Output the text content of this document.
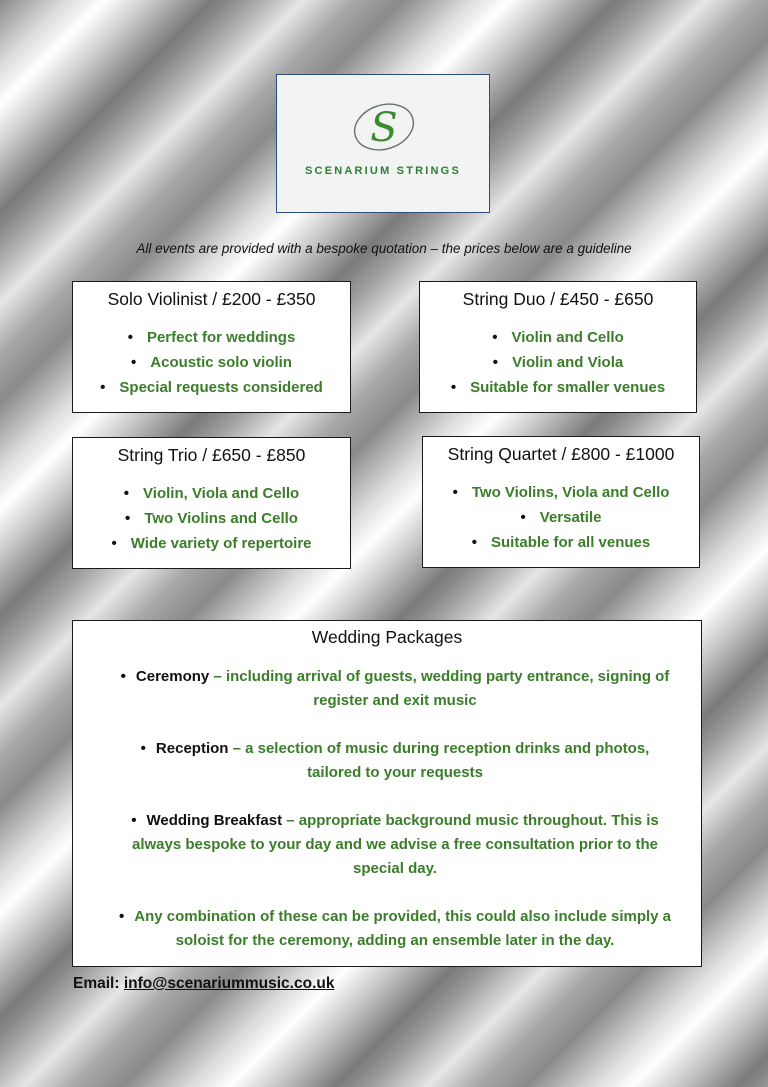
S
SCENARIUM STRINGS
All events are provided with a bespoke quotation – the prices below are a guideline
Solo Violinist / £200 - £350
• Perfect for weddings
• Acoustic solo violin
• Special requests considered
String Duo / £450 - £650
• Violin and Cello
• Violin and Viola
• Suitable for smaller venues
String Trio / £650 - £850
• Violin, Viola and Cello
• Two Violins and Cello
• Wide variety of repertoire
String Quartet / £800 - £1000
• Two Violins, Viola and Cello
• Versatile
• Suitable for all venues
Wedding Packages
• Ceremony – including arrival of guests, wedding party entrance, signing of
register and exit music
• Reception – a selection of music during reception drinks and photos,
tailored to your requests
• Wedding Breakfast – appropriate background music throughout. This is
always bespoke to your day and we advise a free consultation prior to the
special day.
• Any combination of these can be provided, this could also include simply a
soloist for the ceremony, adding an ensemble later in the day.
Email: info@scenariummusic.co.uk
